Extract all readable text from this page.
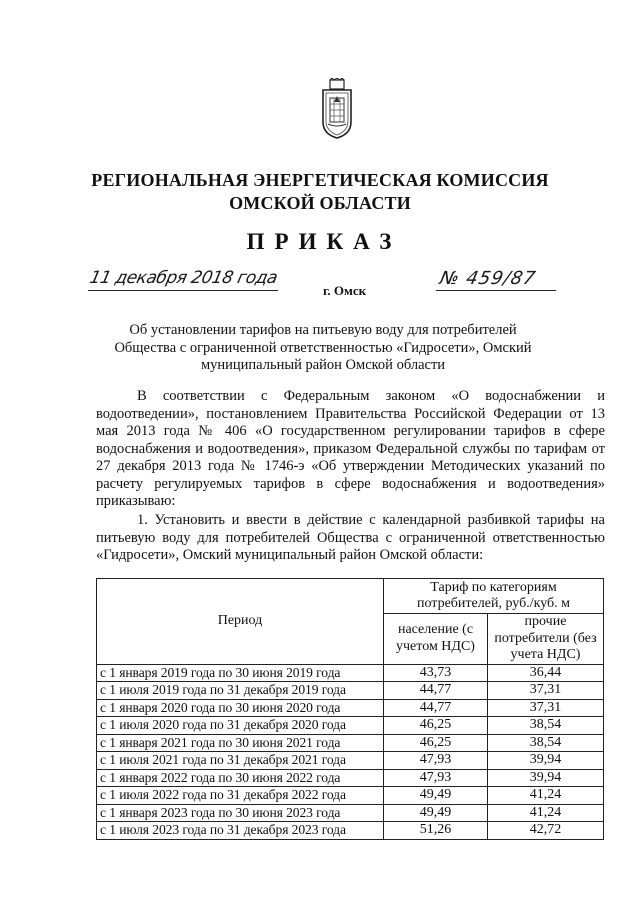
РЕГИОНАЛЬНАЯ ЭНЕРГЕТИЧЕСКАЯ КОМИССИЯ
ОМСКОЙ ОБЛАСТИ
ПРИКАЗ
11 декабря 2018 года
г. Омск
№ 459/87
Об установлении тарифов на питьевую воду для потребителей
Общества с ограниченной ответственностью «Гидросети», Омский
муниципальный район Омской области
В соответствии с Федеральным законом «О водоснабжении и водоотведении», постановлением Правительства Российской Федерации от 13 мая 2013 года № 406 «О государственном регулировании тарифов в сфере водоснабжения и водоотведения», приказом Федеральной службы по тарифам от 27 декабря 2013 года № 1746-э «Об утверждении Методических указаний по расчету регулируемых тарифов в сфере водоснабжения и водоотведения» приказываю:
1. Установить и ввести в действие с календарной разбивкой тарифы на питьевую воду для потребителей Общества с ограниченной ответственностью «Гидросети», Омский муниципальный район Омской области:
Период	Тариф по категориям потребителей, руб./куб. м	
	население (с учетом НДС)	прочие потребители (без учета НДС)
с 1 января 2019 года по 30 июня 2019 года	43,73	36,44
с 1 июля 2019 года по 31 декабря 2019 года	44,77	37,31
с 1 января 2020 года по 30 июня 2020 года	44,77	37,31
с 1 июля 2020 года по 31 декабря 2020 года	46,25	38,54
с 1 января 2021 года по 30 июня 2021 года	46,25	38,54
с 1 июля 2021 года по 31 декабря 2021 года	47,93	39,94
с 1 января 2022 года по 30 июня 2022 года	47,93	39,94
с 1 июля 2022 года по 31 декабря 2022 года	49,49	41,24
с 1 января 2023 года по 30 июня 2023 года	49,49	41,24
с 1 июля 2023 года по 31 декабря 2023 года	51,26	42,72
